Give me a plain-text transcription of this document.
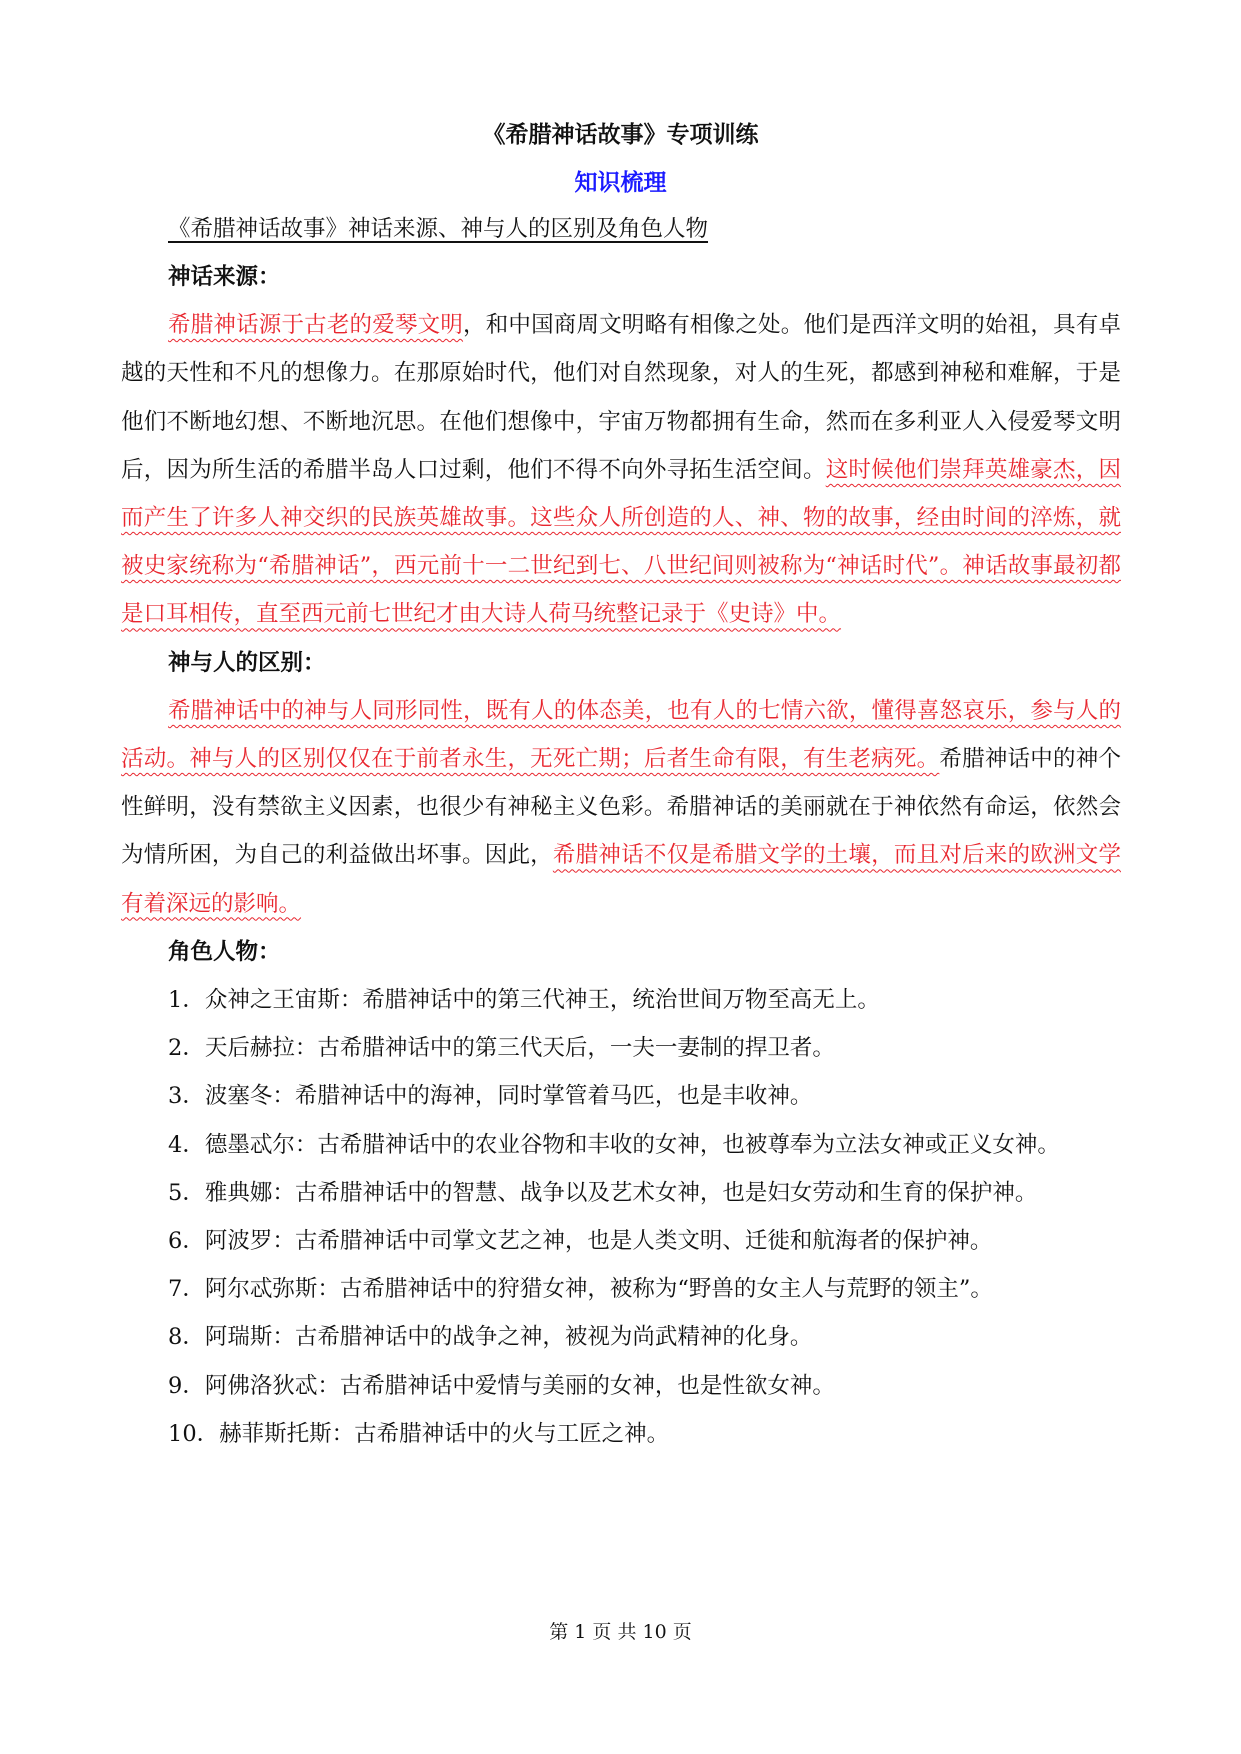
《希腊神话故事》专项训练
知识梳理
《希腊神话故事》神话来源、神与人的区别及角色人物

神话来源：

希腊神话源于古老的爱琴文明，和中国商周文明略有相像之处。他们是西洋文明的始祖，具有卓越的天性和不凡的想像力。在那原始时代，他们对自然现象，对人的生死，都感到神秘和难解，于是他们不断地幻想、不断地沉思。在他们想像中，宇宙万物都拥有生命，然而在多利亚人入侵爱琴文明后，因为所生活的希腊半岛人口过剩，他们不得不向外寻拓生活空间。这时候他们崇拜英雄豪杰，因而产生了许多人神交织的民族英雄故事。这些众人所创造的人、神、物的故事，经由时间的淬炼，就被史家统称为“希腊神话”，西元前十一二世纪到七、八世纪间则被称为“神话时代”。神话故事最初都是口耳相传，直至西元前七世纪才由大诗人荷马统整记录于《史诗》中。

神与人的区别：

希腊神话中的神与人同形同性，既有人的体态美，也有人的七情六欲，懂得喜怒哀乐，参与人的活动。神与人的区别仅仅在于前者永生，无死亡期；后者生命有限，有生老病死。希腊神话中的神个性鲜明，没有禁欲主义因素，也很少有神秘主义色彩。希腊神话的美丽就在于神依然有命运，依然会为情所困，为自己的利益做出坏事。因此，希腊神话不仅是希腊文学的土壤，而且对后来的欧洲文学有着深远的影响。

角色人物：

1．众神之王宙斯：希腊神话中的第三代神王，统治世间万物至高无上。

2．天后赫拉：古希腊神话中的第三代天后，一夫一妻制的捍卫者。

3．波塞冬：希腊神话中的海神，同时掌管着马匹，也是丰收神。

4．德墨忒尔：古希腊神话中的农业谷物和丰收的女神，也被尊奉为立法女神或正义女神。

5．雅典娜：古希腊神话中的智慧、战争以及艺术女神，也是妇女劳动和生育的保护神。

6．阿波罗：古希腊神话中司掌文艺之神，也是人类文明、迁徙和航海者的保护神。

7．阿尔忒弥斯：古希腊神话中的狩猎女神，被称为“野兽的女主人与荒野的领主”。

8．阿瑞斯：古希腊神话中的战争之神，被视为尚武精神的化身。

9．阿佛洛狄忒：古希腊神话中爱情与美丽的女神，也是性欲女神。

10．赫菲斯托斯：古希腊神话中的火与工匠之神。

第 1 页 共 10 页
